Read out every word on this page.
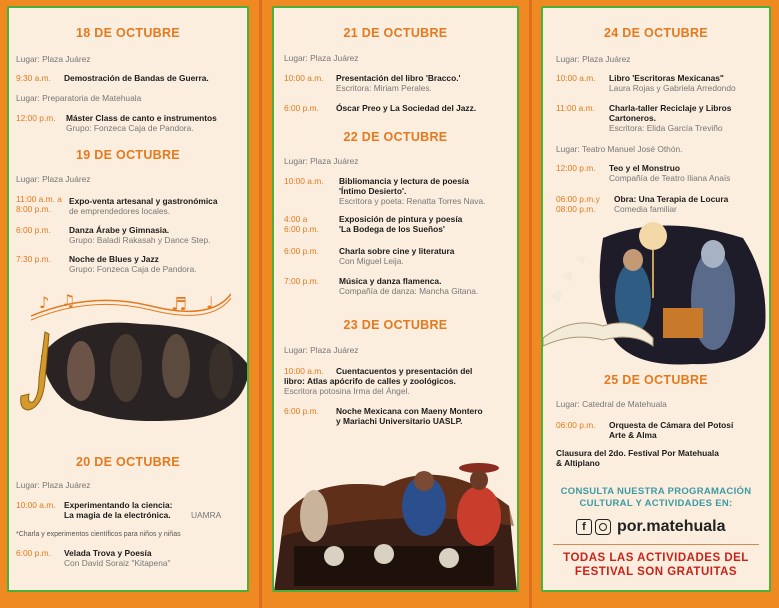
18 DE OCTUBRE
Lugar: Plaza Juárez
9:30 a.m. Demostración de Bandas de Guerra.
Lugar: Preparatoria de Matehuala
12:00 p.m. Máster Class de canto e instrumentos
Grupo: Fonzeca Caja de Pandora.
19 DE OCTUBRE
Lugar: Plaza Juárez
11:00 a.m. a
8:00 p.m.
Expo-venta artesanal y gastronómica
de emprendedores locales.
6:00 p.m. Danza Árabe y Gimnasia.
Grupo: Baladi Rakasah y Dance Step.
7:30 p.m. Noche de Blues y Jazz
Grupo: Fonzeca Caja de Pandora.
♪ ♫	♬ ♩
20 DE OCTUBRE
Lugar: Plaza Juárez
10:00 a.m. Experimentando la ciencia:
La magia de la electrónica. UAMRA
*Charla y experimentos científicos para niños y niñas
6:00 p.m. Velada Trova y Poesía
Con David Soraiz "Kitapena"
21 DE OCTUBRE
Lugar: Plaza Juárez
10:00 a.m. Presentación del libro 'Bracco.'
Escritora: Miriam Perales.
6:00 p.m. Óscar Preo y La Sociedad del Jazz.
22 DE OCTUBRE
Lugar: Plaza Juárez
10:00 a.m. Bibliomancia y lectura de poesía
'Íntimo Desierto'.
Escritora y poeta: Renatta Torres Nava.
4:00 a
6:00 p.m.
Exposición de pintura y poesía
'La Bodega de los Sueños'
6:00 p.m. Charla sobre cine y literatura
Con Miguel Leija.
7:00 p.m. Música y danza flamenca.
Compañía de danza: Mancha Gitana.
23 DE OCTUBRE
Lugar: Plaza Juárez
10:00 a.m. Cuentacuentos y presentación del
libro: Atlas apócrifo de calles y zoológicos.
Escritora potosina Irma del Ángel.
6:00 p.m. Noche Mexicana con Maeny Montero
y Mariachi Universitario UASLP.
24 DE OCTUBRE
Lugar: Plaza Juárez
10:00 a.m. Libro 'Escritoras Mexicanas"
Laura Rojas y Gabriela Arredondo
11:00 a.m. Charla-taller Reciclaje y Libros
Cartoneros.
Escritora: Elida García Treviño
Lugar: Teatro Manuel José Othón.
12:00 p.m. Teo y el Monstruo
Compañía de Teatro Iliana Anaís
06:00 p.m.y
08:00 p.m.
Obra: Una Terapia de Locura
Comedia familiar
25 DE OCTUBRE
Lugar: Catedral de Matehuala
06:00 p.m. Orquesta de Cámara del Potosí
Arte & Alma
Clausura del 2do. Festival Por Matehuala
& Altiplano
CONSULTA NUESTRA PROGRAMACIÓN
CULTURAL Y ACTIVIDADES EN:
f	por.matehuala
TODAS LAS ACTIVIDADES DEL
FESTIVAL SON GRATUITAS
